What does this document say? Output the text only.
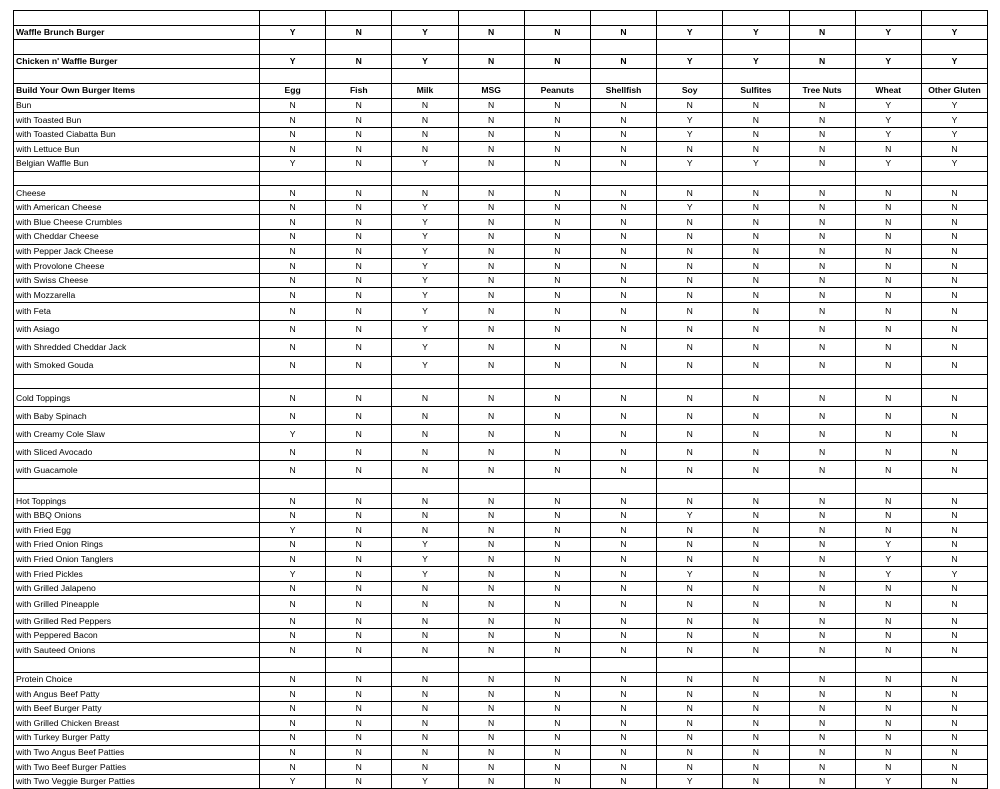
Waffle Brunch Burger	Y	N	Y	N	N	N	Y	Y	N	Y	Y

Chicken n' Waffle Burger	Y	N	Y	N	N	N	Y	Y	N	Y	Y

Build Your Own Burger Items	Egg	Fish	Milk	MSG	Peanuts	Shellfish	Soy	Sulfites	Tree Nuts	Wheat	Other Gluten
Bun	N	N	N	N	N	N	N	N	N	Y	Y
with Toasted Bun	N	N	N	N	N	N	Y	N	N	Y	Y
with Toasted Ciabatta Bun	N	N	N	N	N	N	Y	N	N	Y	Y
with Lettuce Bun	N	N	N	N	N	N	N	N	N	N	N
Belgian Waffle Bun	Y	N	Y	N	N	N	Y	Y	N	Y	Y

Cheese	N	N	N	N	N	N	N	N	N	N	N
with American Cheese	N	N	Y	N	N	N	Y	N	N	N	N
with Blue Cheese Crumbles	N	N	Y	N	N	N	N	N	N	N	N
with Cheddar Cheese	N	N	Y	N	N	N	N	N	N	N	N
with Pepper Jack Cheese	N	N	Y	N	N	N	N	N	N	N	N
with Provolone Cheese	N	N	Y	N	N	N	N	N	N	N	N
with Swiss Cheese	N	N	Y	N	N	N	N	N	N	N	N
with Mozzarella	N	N	Y	N	N	N	N	N	N	N	N
with Feta	N	N	Y	N	N	N	N	N	N	N	N
with Asiago	N	N	Y	N	N	N	N	N	N	N	N
with Shredded Cheddar Jack	N	N	Y	N	N	N	N	N	N	N	N
with Smoked Gouda	N	N	Y	N	N	N	N	N	N	N	N

Cold Toppings	N	N	N	N	N	N	N	N	N	N	N
with Baby Spinach	N	N	N	N	N	N	N	N	N	N	N
with Creamy Cole Slaw	Y	N	N	N	N	N	N	N	N	N	N
with Sliced Avocado	N	N	N	N	N	N	N	N	N	N	N
with Guacamole	N	N	N	N	N	N	N	N	N	N	N

Hot Toppings	N	N	N	N	N	N	N	N	N	N	N
with BBQ Onions	N	N	N	N	N	N	Y	N	N	N	N
with Fried Egg	Y	N	N	N	N	N	N	N	N	N	N
with Fried Onion Rings	N	N	Y	N	N	N	N	N	N	Y	N
with Fried Onion Tanglers	N	N	Y	N	N	N	N	N	N	Y	N
with Fried Pickles	Y	N	Y	N	N	N	Y	N	N	Y	Y
with Grilled Jalapeno	N	N	N	N	N	N	N	N	N	N	N
with Grilled Pineapple	N	N	N	N	N	N	N	N	N	N	N
with Grilled Red Peppers	N	N	N	N	N	N	N	N	N	N	N
with Peppered Bacon	N	N	N	N	N	N	N	N	N	N	N
with Sauteed Onions	N	N	N	N	N	N	N	N	N	N	N

Protein Choice	N	N	N	N	N	N	N	N	N	N	N
with Angus Beef Patty	N	N	N	N	N	N	N	N	N	N	N
with Beef Burger Patty	N	N	N	N	N	N	N	N	N	N	N
with Grilled Chicken Breast	N	N	N	N	N	N	N	N	N	N	N
with Turkey Burger Patty	N	N	N	N	N	N	N	N	N	N	N
with Two Angus Beef Patties	N	N	N	N	N	N	N	N	N	N	N
with Two Beef Burger Patties	N	N	N	N	N	N	N	N	N	N	N
with Two Veggie Burger Patties	Y	N	Y	N	N	N	Y	N	N	Y	N
